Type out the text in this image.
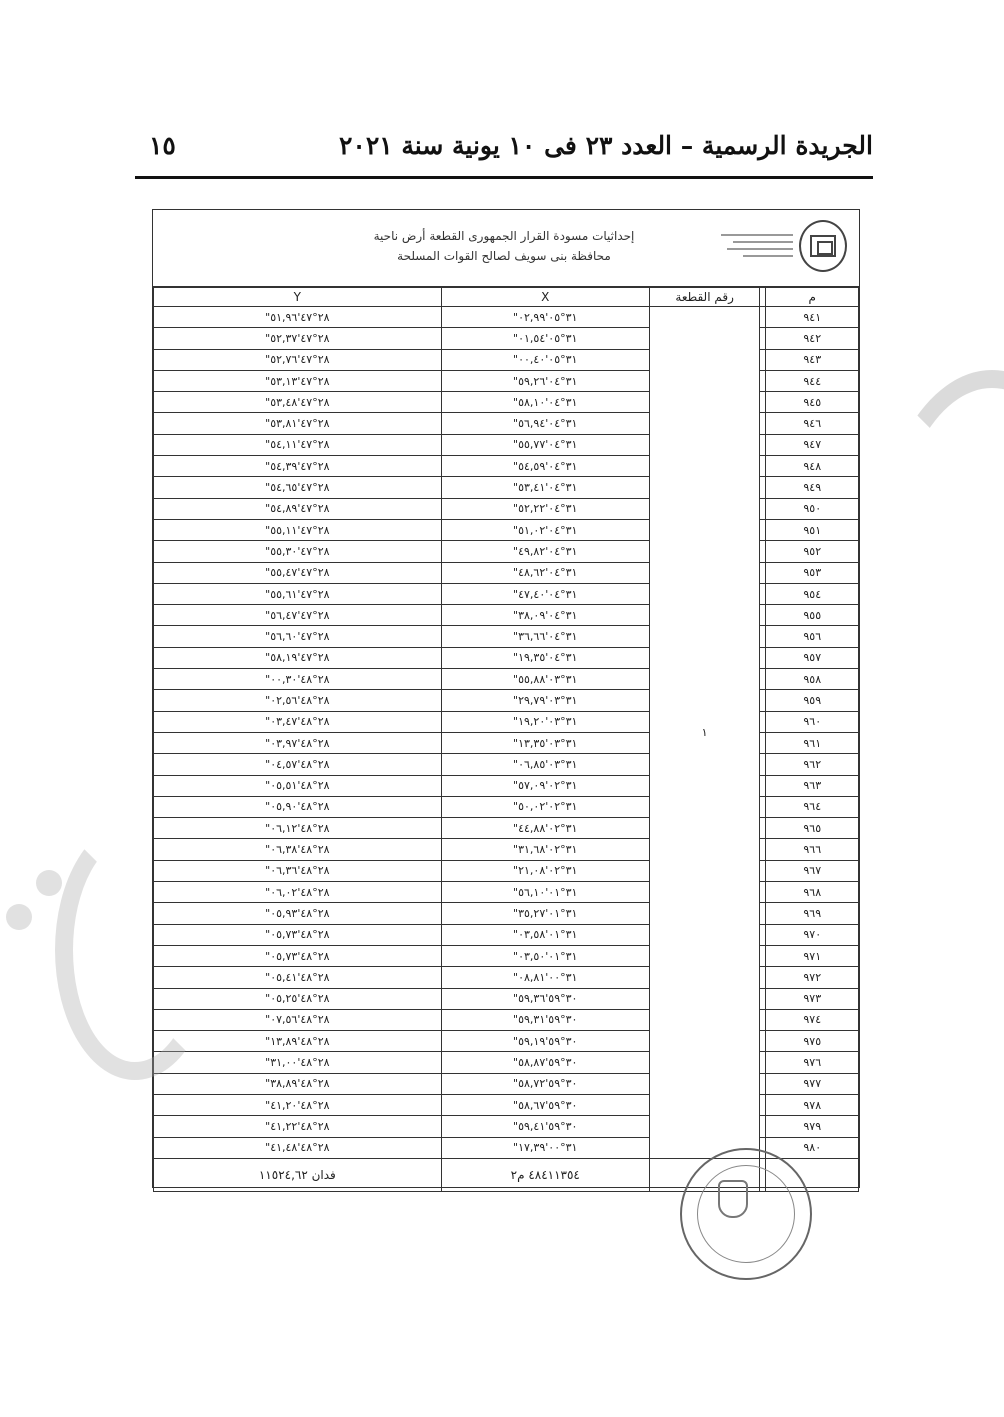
الجريدة الرسمية – العدد ٢٣ فى ١٠ يونية سنة ٢٠٢١
١٥
إحداثيات مسودة القرار الجمهورى القطعة أرض ناحية
محافظة بنى سويف لصالح القوات المسلحة
م		رقم القطعة	X	Y
٩٤١		١	٣١°٠٥'٠٢,٩٩"	٢٨°٤٧'٥١,٩٦"
٩٤٢			٣١°٠٥'٠١,٥٤"	٢٨°٤٧'٥٢,٣٧"
٩٤٣			٣١°٠٥'٠٠,٤٠"	٢٨°٤٧'٥٢,٧٦"
٩٤٤			٣١°٠٤'٥٩,٢٦"	٢٨°٤٧'٥٣,١٣"
٩٤٥			٣١°٠٤'٥٨,١٠"	٢٨°٤٧'٥٣,٤٨"
٩٤٦			٣١°٠٤'٥٦,٩٤"	٢٨°٤٧'٥٣,٨١"
٩٤٧			٣١°٠٤'٥٥,٧٧"	٢٨°٤٧'٥٤,١١"
٩٤٨			٣١°٠٤'٥٤,٥٩"	٢٨°٤٧'٥٤,٣٩"
٩٤٩			٣١°٠٤'٥٣,٤١"	٢٨°٤٧'٥٤,٦٥"
٩٥٠			٣١°٠٤'٥٢,٢٢"	٢٨°٤٧'٥٤,٨٩"
٩٥١			٣١°٠٤'٥١,٠٢"	٢٨°٤٧'٥٥,١١"
٩٥٢			٣١°٠٤'٤٩,٨٢"	٢٨°٤٧'٥٥,٣٠"
٩٥٣			٣١°٠٤'٤٨,٦٢"	٢٨°٤٧'٥٥,٤٧"
٩٥٤			٣١°٠٤'٤٧,٤٠"	٢٨°٤٧'٥٥,٦١"
٩٥٥			٣١°٠٤'٣٨,٠٩"	٢٨°٤٧'٥٦,٤٧"
٩٥٦			٣١°٠٤'٣٦,٦٦"	٢٨°٤٧'٥٦,٦٠"
٩٥٧			٣١°٠٤'١٩,٣٥"	٢٨°٤٧'٥٨,١٩"
٩٥٨			٣١°٠٣'٥٥,٨٨"	٢٨°٤٨'٠٠,٣٠"
٩٥٩			٣١°٠٣'٢٩,٧٩"	٢٨°٤٨'٠٢,٥٦"
٩٦٠			٣١°٠٣'١٩,٢٠"	٢٨°٤٨'٠٣,٤٧"
٩٦١			٣١°٠٣'١٣,٣٥"	٢٨°٤٨'٠٣,٩٧"
٩٦٢			٣١°٠٣'٠٦,٨٥"	٢٨°٤٨'٠٤,٥٧"
٩٦٣			٣١°٠٢'٥٧,٠٩"	٢٨°٤٨'٠٥,٥١"
٩٦٤			٣١°٠٢'٥٠,٠٢"	٢٨°٤٨'٠٥,٩٠"
٩٦٥			٣١°٠٢'٤٤,٨٨"	٢٨°٤٨'٠٦,١٢"
٩٦٦			٣١°٠٢'٣١,٦٨"	٢٨°٤٨'٠٦,٣٨"
٩٦٧			٣١°٠٢'٢١,٠٨"	٢٨°٤٨'٠٦,٣٦"
٩٦٨			٣١°٠١'٥٦,١٠"	٢٨°٤٨'٠٦,٠٢"
٩٦٩			٣١°٠١'٣٥,٢٧"	٢٨°٤٨'٠٥,٩٣"
٩٧٠			٣١°٠١'٠٣,٥٨"	٢٨°٤٨'٠٥,٧٣"
٩٧١			٣١°٠١'٠٣,٥٠"	٢٨°٤٨'٠٥,٧٣"
٩٧٢			٣١°٠٠'٠٨,٨١"	٢٨°٤٨'٠٥,٤١"
٩٧٣			٣٠°٥٩'٥٩,٣٦"	٢٨°٤٨'٠٥,٢٥"
٩٧٤			٣٠°٥٩'٥٩,٣١"	٢٨°٤٨'٠٧,٥٦"
٩٧٥			٣٠°٥٩'٥٩,١٩"	٢٨°٤٨'١٣,٨٩"
٩٧٦			٣٠°٥٩'٥٨,٨٧"	٢٨°٤٨'٣١,٠٠"
٩٧٧			٣٠°٥٩'٥٨,٧٢"	٢٨°٤٨'٣٨,٨٩"
٩٧٨			٣٠°٥٩'٥٨,٦٧"	٢٨°٤٨'٤١,٢٠"
٩٧٩			٣٠°٥٩'٥٩,٤١"	٢٨°٤٨'٤١,٢٢"
٩٨٠			٣١°٠٠'١٧,٣٩"	٢٨°٤٨'٤١,٤٨"
			٤٨٤١١٣٥٤ م٢	فدان ١١٥٢٤,٦٢
